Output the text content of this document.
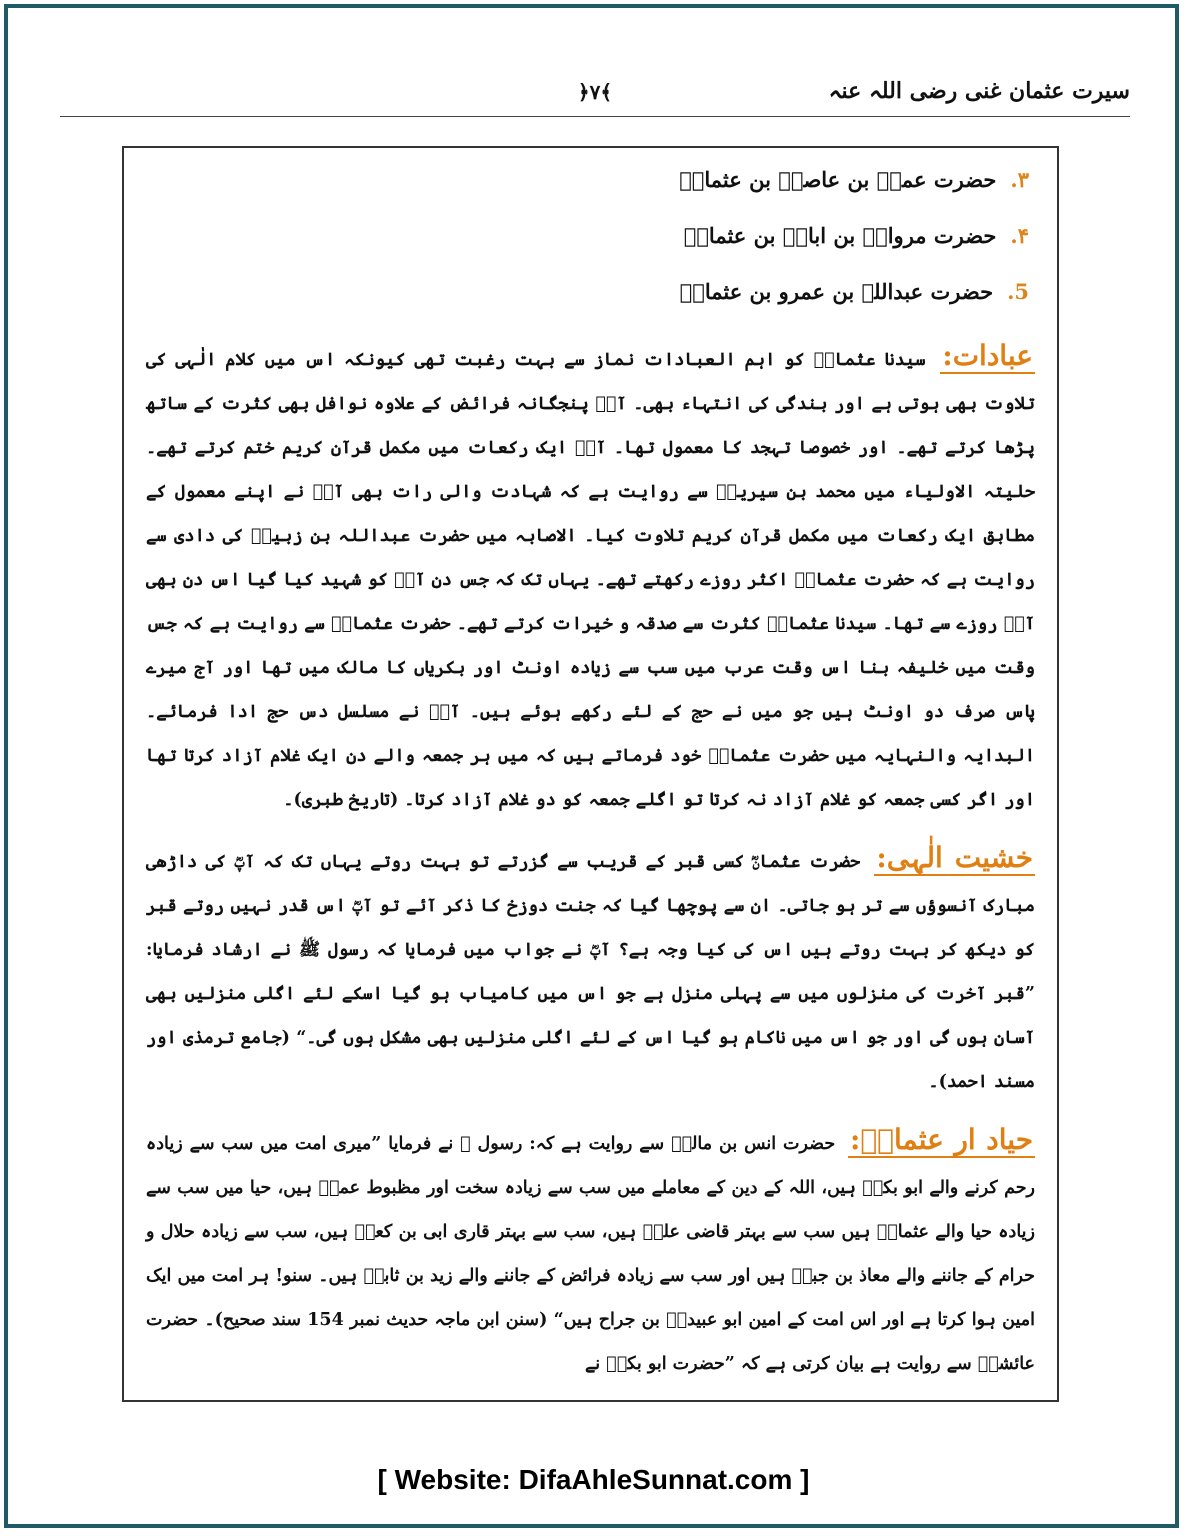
سیرت عثمان غنی رضی اللہ عنہ
﴿۷﴾
۳.حضرت عمرؒ بن عاصمؒ بن عثمانؓ
۴.حضرت مروانؒ بن ابانؒ بن عثمانؓ
5.حضرت عبداللہ بن عمرو بن عثمانؓ
عبادات: سیدنا عثمانؓ کو اہم العبادات نماز سے بہت رغبت تھی کیونکہ اس میں کلام الٰہی کی تلاوت بھی ہوتی ہے اور بندگی کی انتہاء بھی۔ آپؓ پنجگانہ فرائض کے علاوہ نوافل بھی کثرت کے ساتھ پڑھا کرتے تھے۔ اور خصوصا تہجد کا معمول تھا۔ آپؓ ایک رکعات میں مکمل قرآن کریم ختم کرتے تھے۔ حلیتہ الاولیاء میں محمد بن سیرینؒ سے روایت ہے کہ شہادت والی رات بھی آپؓ نے اپنے معمول کے مطابق ایک رکعات میں مکمل قرآن کریم تلاوت کیا۔ الاصابہ میں حضرت عبداللہ بن زبیرؓ کی دادی سے روایت ہے کہ حضرت عثمانؓ اکثر روزے رکھتے تھے۔ یہاں تک کہ جس دن آپؓ کو شہید کیا گیا اس دن بھی آپؓ روزے سے تھا۔ سیدنا عثمانؓ کثرت سے صدقہ و خیرات کرتے تھے۔ حضرت عثمانؓ سے روایت ہے کہ جس وقت میں خلیفہ بنا اس وقت عرب میں سب سے زیادہ اونٹ اور بکریاں کا مالک میں تھا اور آج میرے پاس صرف دو اونٹ ہیں جو میں نے حج کے لئے رکھے ہوئے ہیں۔ آپؓ نے مسلسل دس حج ادا فرمائے۔ البدایہ والنہایہ میں حضرت عثمانؓ خود فرماتے ہیں کہ میں ہر جمعہ والے دن ایک غلام آزاد کرتا تھا اور اگر کسی جمعہ کو غلام آزاد نہ کرتا تو اگلے جمعہ کو دو غلام آزاد کرتا۔ (تاریخ طبری)۔
خشیت الٰہی: حضرت عثمانؓ کسی قبر کے قریب سے گزرتے تو بہت روتے یہاں تک کہ آپؓ کی داڑھی مبارک آنسوؤں سے تر ہو جاتی۔ ان سے پوچھا گیا کہ جنت دوزخ کا ذکر آئے تو آپؓ اس قدر نہیں روتے قبر کو دیکھ کر بہت روتے ہیں اس کی کیا وجہ ہے؟ آپؓ نے جواب میں فرمایا کہ رسول ﷺ نے ارشاد فرمایا: ”قبر آخرت کی منزلوں میں سے پہلی منزل ہے جو اس میں کامیاب ہو گیا اسکے لئے اگلی منزلیں بھی آسان ہوں گی اور جو اس میں ناکام ہو گیا اس کے لئے اگلی منزلیں بھی مشکل ہوں گی۔“ (جامع ترمذی اور مسند احمد)۔
حیاد ار عثمانؓ: حضرت انس بن مالکؓ سے روایت ہے کہ: رسول ﷺ نے فرمایا ”میری امت میں سب سے زیادہ رحم کرنے والے ابو بکرؓ ہیں، اللہ کے دین کے معاملے میں سب سے زیادہ سخت اور مظبوط عمرؓ ہیں، حیا میں سب سے زیادہ حیا والے عثمانؓ ہیں سب سے بہتر قاضی علیؓ ہیں، سب سے بہتر قاری ابی بن کعبؓ ہیں، سب سے زیادہ حلال و حرام کے جاننے والے معاذ بن جبلؓ ہیں اور سب سے زیادہ فرائض کے جاننے والے زید بن ثابتؓ ہیں۔ سنو! ہر امت میں ایک امین ہوا کرتا ہے اور اس امت کے امین ابو عبیدہؓ بن جراح ہیں“ (سنن ابن ماجہ حدیث نمبر 154 سند صحیح)۔ حضرت عائشہؓ سے روایت ہے بیان کرتی ہے کہ ”حضرت ابو بکرؓ نے
[ Website: DifaAhleSunnat.com ]
